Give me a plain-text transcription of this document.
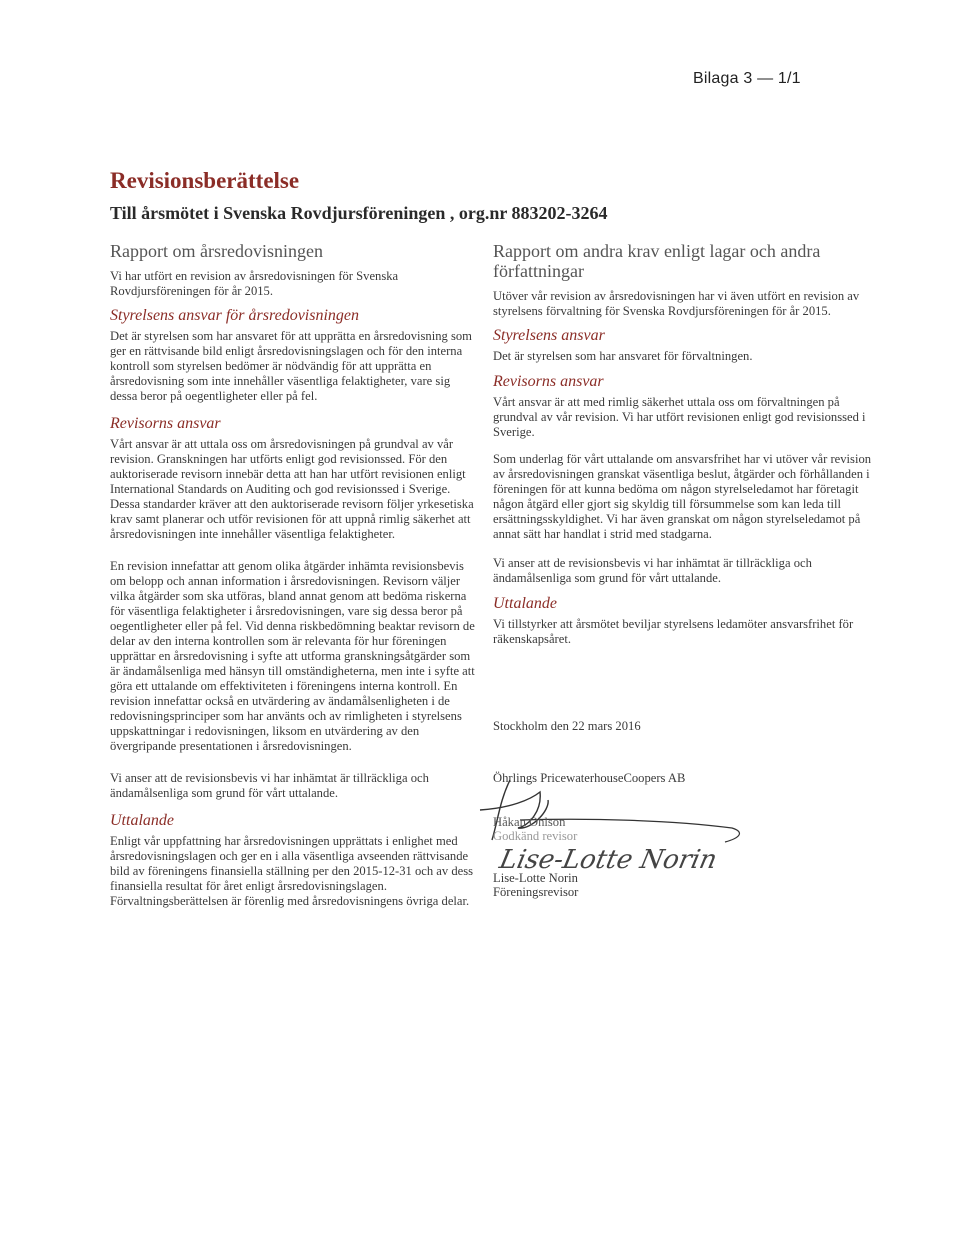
Bilaga 3 — 1/1
Revisionsberättelse
Till årsmötet i Svenska Rovdjursföreningen , org.nr 883202-3264
Rapport om årsredovisningen

Vi har utfört en revision av årsredovisningen för Svenska Rovdjursföreningen för år 2015.

Styrelsens ansvar för årsredovisningen

Det är styrelsen som har ansvaret för att upprätta en årsredovisning som ger en rättvisande bild enligt årsredovisningslagen och för den interna kontroll som styrelsen bedömer är nödvändig för att upprätta en årsredovisning som inte innehåller väsentliga felaktigheter, vare sig dessa beror på oegentligheter eller på fel.

Revisorns ansvar

Vårt ansvar är att uttala oss om årsredovisningen på grundval av vår revision. Granskningen har utförts enligt god revisionssed. För den auktoriserade revisorn innebär detta att han har utfört revisionen enligt International Standards on Auditing och god revisionssed i Sverige. Dessa standarder kräver att den auktoriserade revisorn följer yrkesetiska krav samt planerar och utför revisionen för att uppnå rimlig säkerhet att årsredovisningen inte innehåller väsentliga felaktigheter.

En revision innefattar att genom olika åtgärder inhämta revisionsbevis om belopp och annan information i årsredovisningen. Revisorn väljer vilka åtgärder som ska utföras, bland annat genom att bedöma riskerna för väsentliga felaktigheter i årsredovisningen, vare sig dessa beror på oegentligheter eller på fel. Vid denna riskbedömning beaktar revisorn de delar av den interna kontrollen som är relevanta för hur föreningen upprättar en årsredovisning i syfte att utforma granskningsåtgärder som är ändamålsenliga med hänsyn till omständigheterna, men inte i syfte att göra ett uttalande om effektiviteten i föreningens interna kontroll. En revision innefattar också en utvärdering av ändamålsenligheten i de redovisningsprinciper som har använts och av rimligheten i styrelsens uppskattningar i redovisningen, liksom en utvärdering av den övergripande presentationen i årsredovisningen.

Vi anser att de revisionsbevis vi har inhämtat är tillräckliga och ändamålsenliga som grund för vårt uttalande.

Uttalande

Enligt vår uppfattning har årsredovisningen upprättats i enlighet med årsredovisningslagen och ger en i alla väsentliga avseenden rättvisande bild av föreningens finansiella ställning per den 2015-12-31 och av dess finansiella resultat för året enligt årsredovisningslagen. Förvaltningsberättelsen är förenlig med årsredovisningens övriga delar.

Rapport om andra krav enligt lagar och andra författningar

Utöver vår revision av årsredovisningen har vi även utfört en revision av styrelsens förvaltning för Svenska Rovdjursföreningen för år 2015.

Styrelsens ansvar

Det är styrelsen som har ansvaret för förvaltningen.

Revisorns ansvar

Vårt ansvar är att med rimlig säkerhet uttala oss om förvaltningen på grundval av vår revision. Vi har utfört revisionen enligt god revisionssed i Sverige.

Som underlag för vårt uttalande om ansvarsfrihet har vi utöver vår revision av årsredovisningen granskat väsentliga beslut, åtgärder och förhållanden i föreningen för att kunna bedöma om någon styrelseledamot har företagit någon åtgärd eller gjort sig skyldig till försummelse som kan leda till ersättningsskyldighet. Vi har även granskat om någon styrelseledamot på annat sätt har handlat i strid med stadgarna.

Vi anser att de revisionsbevis vi har inhämtat är tillräckliga och ändamålsenliga som grund för vårt uttalande.

Uttalande

Vi tillstyrker att årsmötet beviljar styrelsens ledamöter ansvarsfrihet för räkenskapsåret.

Stockholm den 22 mars 2016
Öhrlings PricewaterhouseCoopers AB
Håkan Ohlson
Godkänd revisor
Lise-Lotte Norin
Lise-Lotte Norin
Föreningsrevisor
